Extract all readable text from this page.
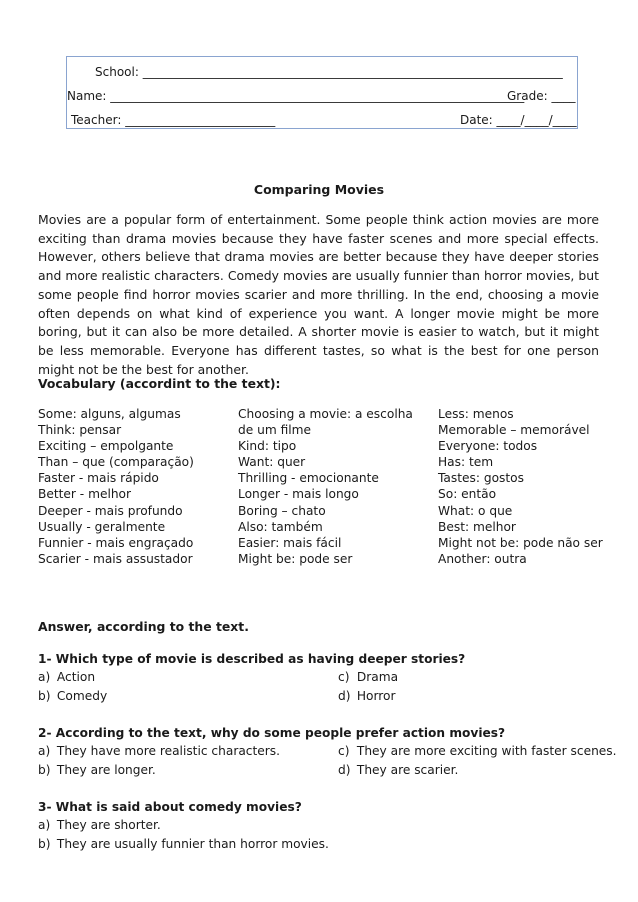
School: ______________________________________________________________________
Name: _____________________________________________________________________
Grade: ____
Teacher: _________________________	Date: ____/____/____
Comparing Movies
Movies are a popular form of entertainment. Some people think action movies are more exciting than drama movies because they have faster scenes and more special effects. However, others believe that drama movies are better because they have deeper stories and more realistic characters. Comedy movies are usually funnier than horror movies, but some people find horror movies scarier and more thrilling. In the end, choosing a movie often depends on what kind of experience you want. A longer movie might be more boring, but it can also be more detailed. A shorter movie is easier to watch, but it might be less memorable. Everyone has different tastes, so what is the best for one person might not be the best for another.
Vocabulary (accordint to the text):
Some: alguns, algumas
Think: pensar
Exciting – empolgante
Than – que (comparação)
Faster - mais rápido
Better - melhor
Deeper - mais profundo
Usually - geralmente
Funnier - mais engraçado
Scarier - mais assustador
Choosing a movie: a escolha
de um filme
Kind: tipo
Want: quer
Thrilling - emocionante
Longer - mais longo
Boring – chato
Also: também
Easier: mais fácil
Might be: pode ser
Less: menos
Memorable – memorável
Everyone: todos
Has: tem
Tastes: gostos
So: então
What: o que
Best: melhor
Might not be: pode não ser
Another: outra
Answer, according to the text.
1- Which type of movie is described as having deeper stories?
a) Action
b) Comedy
c) Drama
d) Horror
2- According to the text, why do some people prefer action movies?
a) They have more realistic characters.
b) They are longer.
c) They are more exciting with faster scenes.
d) They are scarier.
3- What is said about comedy movies?
a) They are shorter.
b) They are usually funnier than horror movies.
